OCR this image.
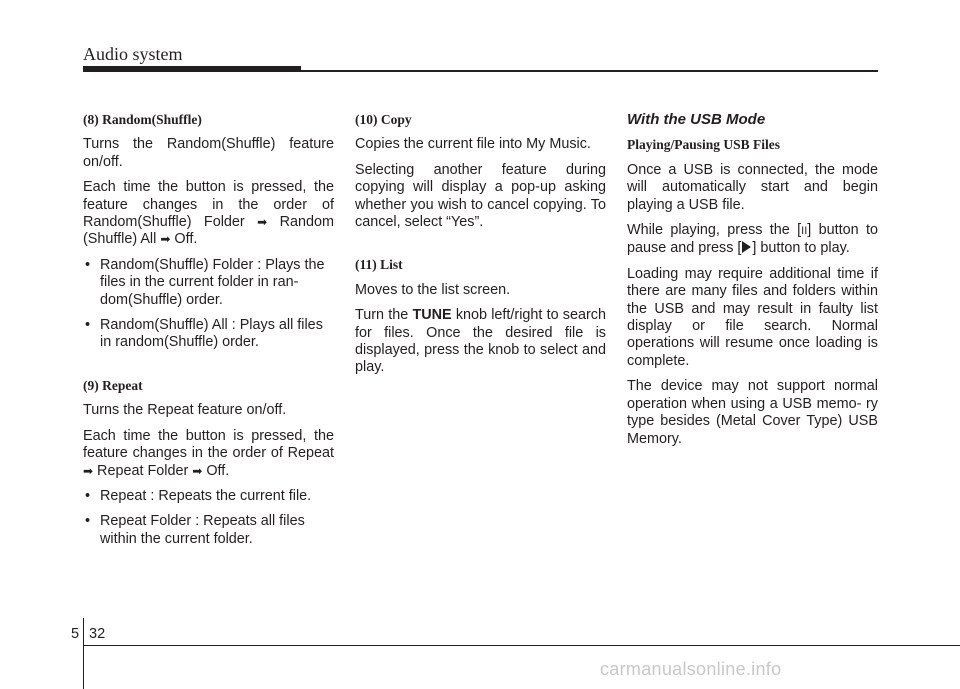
Audio system
(8) Random(Shuffle)

Turns the Random(Shuffle) feature on/off.

Each time the button is pressed, the feature changes in the order of Random(Shuffle) Folder ➡ Random (Shuffle) All ➡ Off.

• Random(Shuffle) Folder : Plays the files in the current folder in ran- dom(Shuffle) order.
• Random(Shuffle) All : Plays all files in random(Shuffle) order.
(9) Repeat

Turns the Repeat feature on/off.

Each time the button is pressed, the feature changes in the order of Repeat ➡ Repeat Folder ➡ Off.

• Repeat : Repeats the current file.
• Repeat Folder : Repeats all files within the current folder.
(10) Copy

Copies the current file into My Music.

Selecting another feature during copying will display a pop-up asking whether you wish to cancel copying. To cancel, select “Yes”.

(11) List

Moves to the list screen.

Turn the TUNE knob left/right to search for files. Once the desired file is displayed, press the knob to select and play.

With the USB Mode
Playing/Pausing USB Files

Once a USB is connected, the mode will automatically start and begin playing a USB file.

While playing, press the [II] button to pause and press [ ] button to play.

Loading may require additional time if there are many files and folders within the USB and may result in faulty list display or file search. Normal operations will resume once loading is complete.

The device may not support normal operation when using a USB memo- ry type besides (Metal Cover Type) USB Memory.

5 32
carmanualsonline.info
